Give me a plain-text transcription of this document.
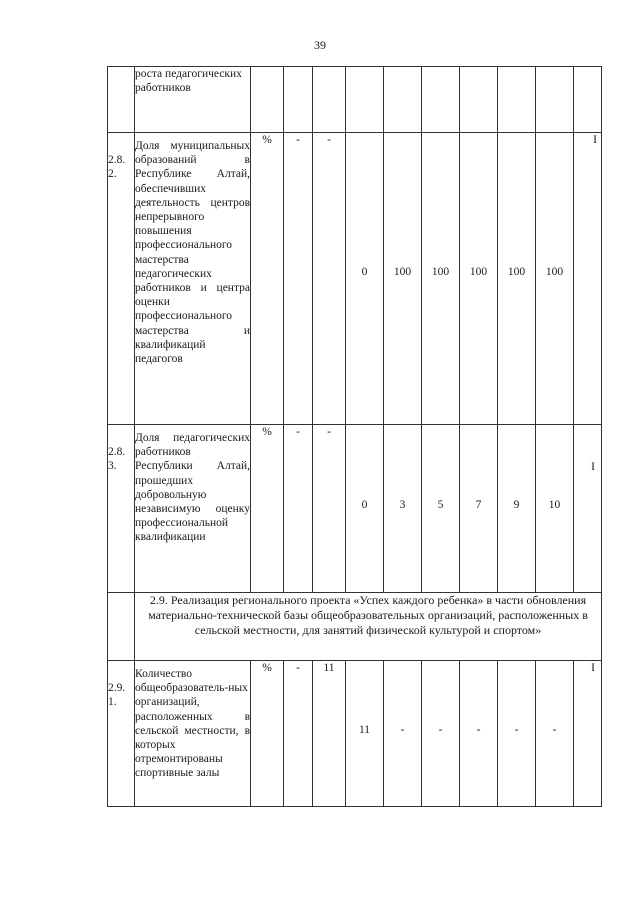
39
	роста педагогических работников										
2.8. 2.	Доля муниципальных образований в Республике Алтай, обеспечивших деятельность центров непрерывного повышения профессионального мастерства педагогических работников и центра оценки профессионального мастерства и квалификаций педагогов	%	-	-	0	100	100	100	100	100	I
2.8. 3.	Доля педагогических работников Республики Алтай, прошедших добровольную независимую оценку профессиональной квалификации	%	-	-	0	3	5	7	9	10	I
	2.9. Реализация регионального проекта «Успех каждого ребенка» в части обновления материально-технической базы общеобразовательных организаций, расположенных в сельской местности, для занятий физической культурой и спортом»										
2.9. 1.	Количество общеобразователь-ных организаций, расположенных в сельской местности, в которых отремонтированы спортивные залы	%	-	11	11	-	-	-	-	-	I
